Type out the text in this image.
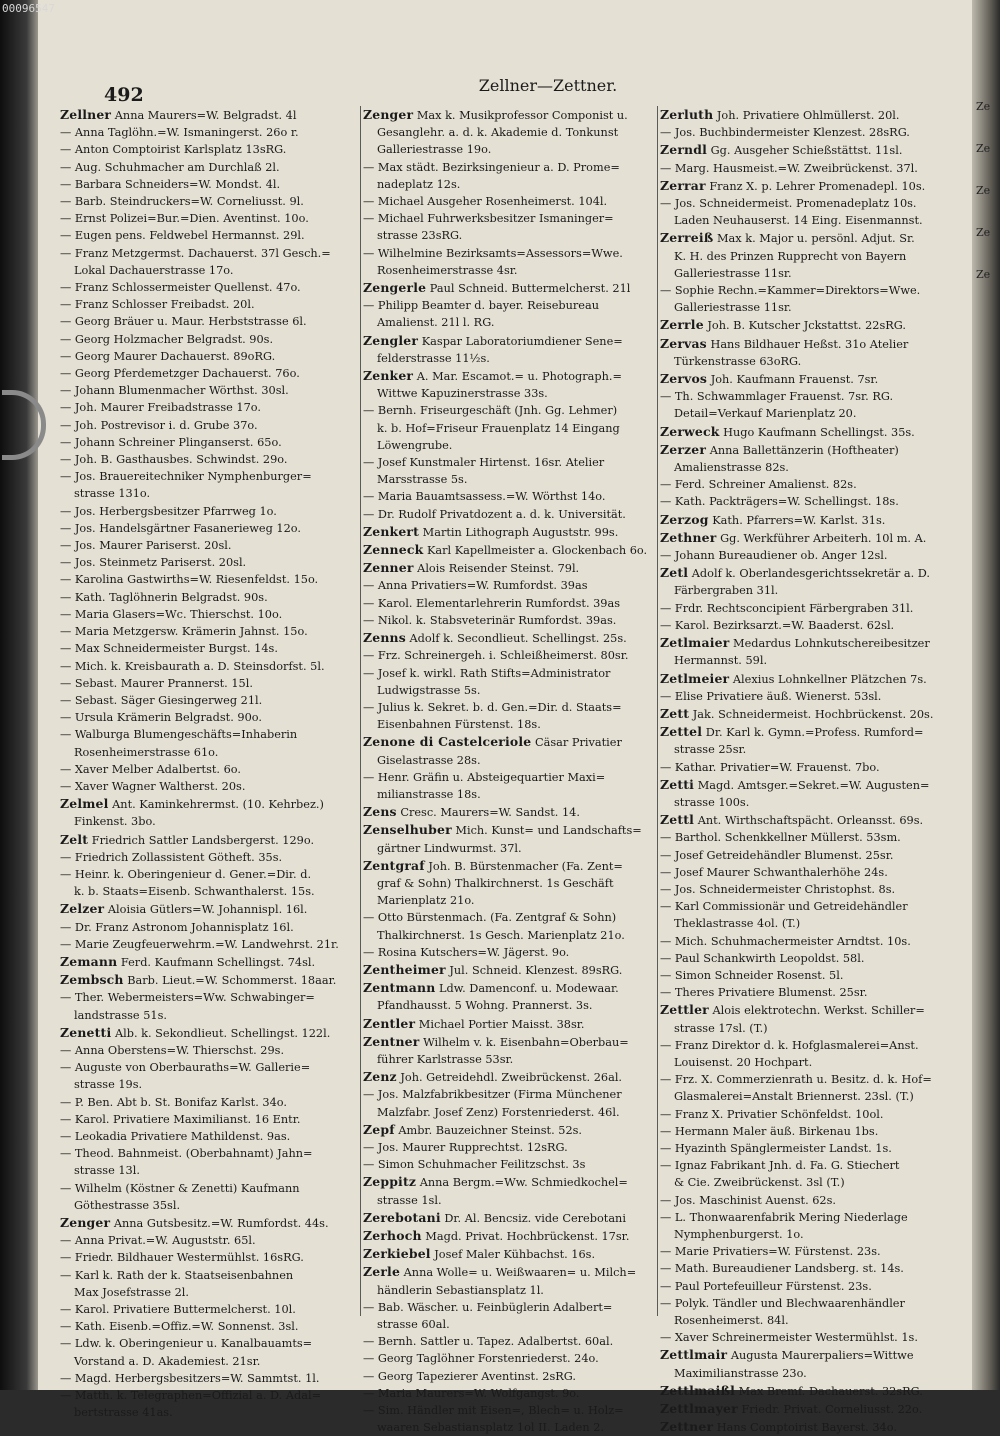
492	Zellner—Zettner.
00096547
Ze
Ze
Ze
Ze
Ze
Zellner Anna Maurers=W. Belgradst. 4l
— Anna Taglöhn.=W. Ismaningerst. 26o r.
— Anton Comptoirist Karlsplatz 13sRG.
— Aug. Schuhmacher am Durchlaß 2l.
— Barbara Schneiders=W. Mondst. 4l.
— Barb. Steindruckers=W. Corneliusst. 9l.
— Ernst Polizei=Bur.=Dien. Aventinst. 10o.
— Eugen pens. Feldwebel Hermannst. 29l.
— Franz Metzgermst. Dachauerst. 37l Gesch.=
Lokal Dachauerstrasse 17o.
— Franz Schlossermeister Quellenst. 47o.
— Franz Schlosser Freibadst. 20l.
— Georg Bräuer u. Maur. Herbststrasse 6l.
— Georg Holzmacher Belgradst. 90s.
— Georg Maurer Dachauerst. 89oRG.
— Georg Pferdemetzger Dachauerst. 76o.
— Johann Blumenmacher Wörthst. 30sl.
— Joh. Maurer Freibadstrasse 17o.
— Joh. Postrevisor i. d. Grube 37o.
— Johann Schreiner Plinganserst. 65o.
— Joh. B. Gasthausbes. Schwindst. 29o.
— Jos. Brauereitechniker Nymphenburger=
strasse 131o.
— Jos. Herbergsbesitzer Pfarrweg 1o.
— Jos. Handelsgärtner Fasanerieweg 12o.
— Jos. Maurer Pariserst. 20sl.
— Jos. Steinmetz Pariserst. 20sl.
— Karolina Gastwirths=W. Riesenfeldst. 15o.
— Kath. Taglöhnerin Belgradst. 90s.
— Maria Glasers=Wc. Thierschst. 10o.
— Maria Metzgersw. Krämerin Jahnst. 15o.
— Max Schneidermeister Burgst. 14s.
— Mich. k. Kreisbaurath a. D. Steinsdorfst. 5l.
— Sebast. Maurer Prannerst. 15l.
— Sebast. Säger Giesingerweg 21l.
— Ursula Krämerin Belgradst. 90o.
— Walburga Blumengeschäfts=Inhaberin
Rosenheimerstrasse 61o.
— Xaver Melber Adalbertst. 6o.
— Xaver Wagner Waltherst. 20s.
Zelmel Ant. Kaminkehrermst. (10. Kehrbez.)
Finkenst. 3bo.
Zelt Friedrich Sattler Landsbergerst. 129o.
— Friedrich Zollassistent Götheft. 35s.
— Heinr. k. Oberingenieur d. Gener.=Dir. d.
k. b. Staats=Eisenb. Schwanthalerst. 15s.
Zelzer Aloisia Gütlers=W. Johannispl. 16l.
— Dr. Franz Astronom Johannisplatz 16l.
— Marie Zeugfeuerwehrm.=W. Landwehrst. 21r.
Zemann Ferd. Kaufmann Schellingst. 74sl.
Zembsch Barb. Lieut.=W. Schommerst. 18aar.
— Ther. Webermeisters=Ww. Schwabinger=
landstrasse 51s.
Zenetti Alb. k. Sekondlieut. Schellingst. 122l.
— Anna Oberstens=W. Thierschst. 29s.
— Auguste von Oberbauraths=W. Gallerie=
strasse 19s.
— P. Ben. Abt b. St. Bonifaz Karlst. 34o.
— Karol. Privatiere Maximilianst. 16 Entr.
— Leokadia Privatiere Mathildenst. 9as.
— Theod. Bahnmeist. (Oberbahnamt) Jahn=
strasse 13l.
— Wilhelm (Köstner & Zenetti) Kaufmann
Göthestrasse 35sl.
Zenger Anna Gutsbesitz.=W. Rumfordst. 44s.
— Anna Privat.=W. Auguststr. 65l.
— Friedr. Bildhauer Westermühlst. 16sRG.
— Karl k. Rath der k. Staatseisenbahnen
Max Josefstrasse 2l.
— Karol. Privatiere Buttermelcherst. 10l.
— Kath. Eisenb.=Offiz.=W. Sonnenst. 3sl.
— Ldw. k. Oberingenieur u. Kanalbauamts=
Vorstand a. D. Akademiest. 21sr.
— Magd. Herbergsbesitzers=W. Sammtst. 1l.
— Matth. k. Telegraphen=Offizial a. D. Adal=
bertstrasse 41as.
Zenger Max k. Musikprofessor Componist u.
Gesanglehr. a. d. k. Akademie d. Tonkunst
Galleriestrasse 19o.
— Max städt. Bezirksingenieur a. D. Prome=
nadeplatz 12s.
— Michael Ausgeher Rosenheimerst. 104l.
— Michael Fuhrwerksbesitzer Ismaninger=
strasse 23sRG.
— Wilhelmine Bezirksamts=Assessors=Wwe.
Rosenheimerstrasse 4sr.
Zengerle Paul Schneid. Buttermelcherst. 21l
— Philipp Beamter d. bayer. Reisebureau
Amalienst. 21l l. RG.
Zengler Kaspar Laboratoriumdiener Sene=
felderstrasse 11½s.
Zenker A. Mar. Escamot.= u. Photograph.=
Wittwe Kapuzinerstrasse 33s.
— Bernh. Friseurgeschäft (Jnh. Gg. Lehmer)
k. b. Hof=Friseur Frauenplatz 14 Eingang
Löwengrube.
— Josef Kunstmaler Hirtenst. 16sr. Atelier
Marsstrasse 5s.
— Maria Bauamtsassess.=W. Wörthst 14o.
— Dr. Rudolf Privatdozent a. d. k. Universität.
Zenkert Martin Lithograph Auguststr. 99s.
Zenneck Karl Kapellmeister a. Glockenbach 6o.
Zenner Alois Reisender Steinst. 79l.
— Anna Privatiers=W. Rumfordst. 39as
— Karol. Elementarlehrerin Rumfordst. 39as
— Nikol. k. Stabsveterinär Rumfordst. 39as.
Zenns Adolf k. Secondlieut. Schellingst. 25s.
— Frz. Schreinergeh. i. Schleißheimerst. 80sr.
— Josef k. wirkl. Rath Stifts=Administrator
Ludwigstrasse 5s.
— Julius k. Sekret. b. d. Gen.=Dir. d. Staats=
Eisenbahnen Fürstenst. 18s.
Zenone di Castelceriole Cäsar Privatier
Giselastrasse 28s.
— Henr. Gräfin u. Absteigequartier Maxi=
milianstrasse 18s.
Zens Cresc. Maurers=W. Sandst. 14.
Zenselhuber Mich. Kunst= und Landschafts=
gärtner Lindwurmst. 37l.
Zentgraf Joh. B. Bürstenmacher (Fa. Zent=
graf & Sohn) Thalkirchnerst. 1s Geschäft
Marienplatz 21o.
— Otto Bürstenmach. (Fa. Zentgraf & Sohn)
Thalkirchnerst. 1s Gesch. Marienplatz 21o.
— Rosina Kutschers=W. Jägerst. 9o.
Zentheimer Jul. Schneid. Klenzest. 89sRG.
Zentmann Ldw. Damenconf. u. Modewaar.
Pfandhausst. 5 Wohng. Prannerst. 3s.
Zentler Michael Portier Maisst. 38sr.
Zentner Wilhelm v. k. Eisenbahn=Oberbau=
führer Karlstrasse 53sr.
Zenz Joh. Getreidehdl. Zweibrückenst. 26al.
— Jos. Malzfabrikbesitzer (Firma Münchener
Malzfabr. Josef Zenz) Forstenriederst. 46l.
Zepf Ambr. Bauzeichner Steinst. 52s.
— Jos. Maurer Rupprechtst. 12sRG.
— Simon Schuhmacher Feilitzschst. 3s
Zeppitz Anna Bergm.=Ww. Schmiedkochel=
strasse 1sl.
Zerebotani Dr. Al. Bencsiz. vide Cerebotani
Zerhoch Magd. Privat. Hochbrückenst. 17sr.
Zerkiebel Josef Maler Kühbachst. 16s.
Zerle Anna Wolle= u. Weißwaaren= u. Milch=
händlerin Sebastiansplatz 1l.
— Bab. Wäscher. u. Feinbüglerin Adalbert=
strasse 60al.
— Bernh. Sattler u. Tapez. Adalbertst. 60al.
— Georg Taglöhner Forstenriederst. 24o.
— Georg Tapezierer Aventinst. 2sRG.
— Maria Maurers=W. Wolfgangst. 9o.
— Sim. Händler mit Eisen=, Blech= u. Holz=
waaren Sebastiansplatz 1ol II. Laden 2.
Zerluth Joh. Privatiere Ohlmüllerst. 20l.
— Jos. Buchbindermeister Klenzest. 28sRG.
Zerndl Gg. Ausgeher Schießstättst. 11sl.
— Marg. Hausmeist.=W. Zweibrückenst. 37l.
Zerrar Franz X. p. Lehrer Promenadepl. 10s.
— Jos. Schneidermeist. Promenadeplatz 10s.
Laden Neuhauserst. 14 Eing. Eisenmannst.
Zerreiß Max k. Major u. persönl. Adjut. Sr.
K. H. des Prinzen Rupprecht von Bayern
Galleriestrasse 11sr.
— Sophie Rechn.=Kammer=Direktors=Wwe.
Galleriestrasse 11sr.
Zerrle Joh. B. Kutscher Jckstattst. 22sRG.
Zervas Hans Bildhauer Heßst. 31o Atelier
Türkenstrasse 63oRG.
Zervos Joh. Kaufmann Frauenst. 7sr.
— Th. Schwammlager Frauenst. 7sr. RG.
Detail=Verkauf Marienplatz 20.
Zerweck Hugo Kaufmann Schellingst. 35s.
Zerzer Anna Ballettänzerin (Hoftheater)
Amalienstrasse 82s.
— Ferd. Schreiner Amalienst. 82s.
— Kath. Packträgers=W. Schellingst. 18s.
Zerzog Kath. Pfarrers=W. Karlst. 31s.
Zethner Gg. Werkführer Arbeiterh. 10l m. A.
— Johann Bureaudiener ob. Anger 12sl.
Zetl Adolf k. Oberlandesgerichtssekretär a. D.
Färbergraben 31l.
— Frdr. Rechtsconcipient Färbergraben 31l.
— Karol. Bezirksarzt.=W. Baaderst. 62sl.
Zetlmaier Medardus Lohnkutschereibesitzer
Hermannst. 59l.
Zetlmeier Alexius Lohnkellner Plätzchen 7s.
— Elise Privatiere äuß. Wienerst. 53sl.
Zett Jak. Schneidermeist. Hochbrückenst. 20s.
Zettel Dr. Karl k. Gymn.=Profess. Rumford=
strasse 25sr.
— Kathar. Privatier=W. Frauenst. 7bo.
Zetti Magd. Amtsger.=Sekret.=W. Augusten=
strasse 100s.
Zettl Ant. Wirthschaftspächt. Orleansst. 69s.
— Barthol. Schenkkellner Müllerst. 53sm.
— Josef Getreidehändler Blumenst. 25sr.
— Josef Maurer Schwanthalerhöhe 24s.
— Jos. Schneidermeister Christophst. 8s.
— Karl Commissionär und Getreidehändler
Theklastrasse 4ol. (T.)
— Mich. Schuhmachermeister Arndtst. 10s.
— Paul Schankwirth Leopoldst. 58l.
— Simon Schneider Rosenst. 5l.
— Theres Privatiere Blumenst. 25sr.
Zettler Alois elektrotechn. Werkst. Schiller=
strasse 17sl. (T.)
— Franz Direktor d. k. Hofglasmalerei=Anst.
Louisenst. 20 Hochpart.
— Frz. X. Commerzienrath u. Besitz. d. k. Hof=
Glasmalerei=Anstalt Briennerst. 23sl. (T.)
— Franz X. Privatier Schönfeldst. 10ol.
— Hermann Maler äuß. Birkenau 1bs.
— Hyazinth Spänglermeister Landst. 1s.
— Ignaz Fabrikant Jnh. d. Fa. G. Stiechert
& Cie. Zweibrückenst. 3sl (T.)
— Jos. Maschinist Auenst. 62s.
— L. Thonwaarenfabrik Mering Niederlage
Nymphenburgerst. 1o.
— Marie Privatiers=W. Fürstenst. 23s.
— Math. Bureaudiener Landsberg. st. 14s.
— Paul Portefeuilleur Fürstenst. 23s.
— Polyk. Tändler und Blechwaarenhändler
Rosenheimerst. 84l.
— Xaver Schreinermeister Westermühlst. 1s.
Zettlmair Augusta Maurerpaliers=Wittwe
Maximilianstrasse 23o.
Zettlmaißl Max Bremf. Dachauerst. 32sRG.
Zettlmayer Friedr. Privat. Corneliusst. 22o.
Zettner Hans Comptoirist Bayerst. 34o.
